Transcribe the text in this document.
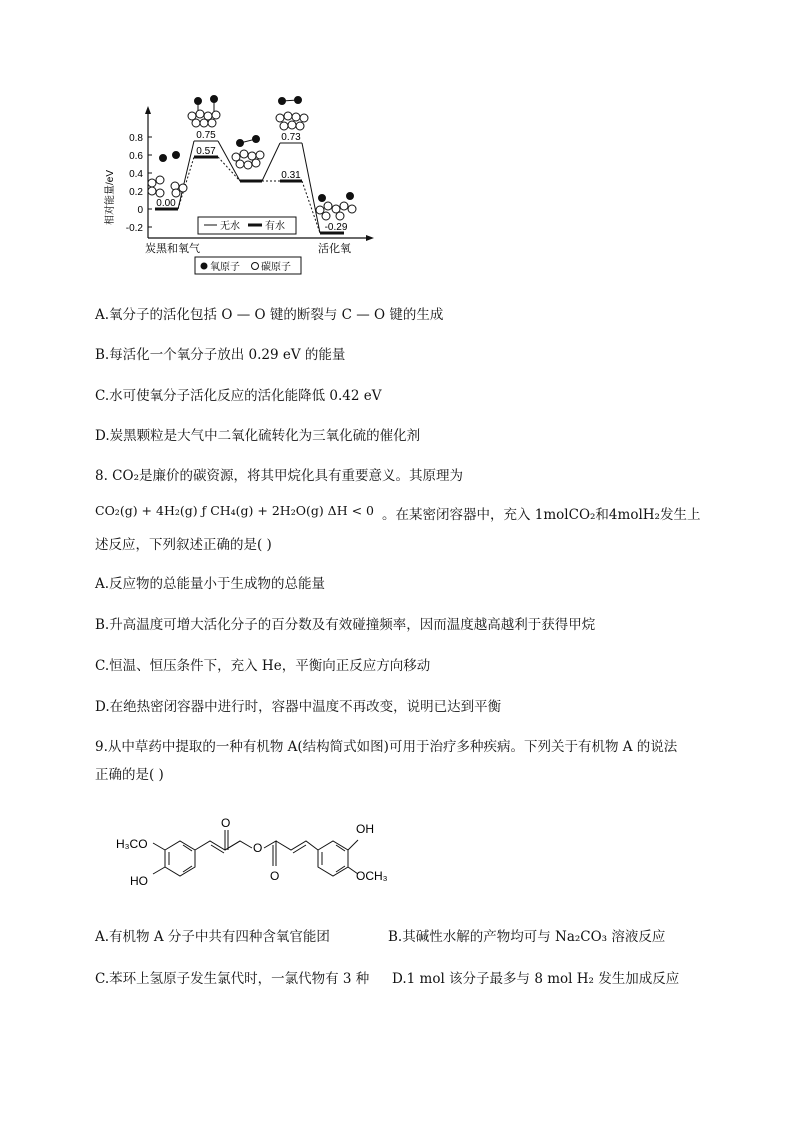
相对能量/eV
0.8
0.6
0.4
0.2
0
-0.2
0.00
0.75
0.57
0.73
0.31
-0.29
无水	有水
炭黑和氧气	活化氧
氧原子 碳原子
A.氧分子的活化包括 O — O 键的断裂与 C — O 键的生成
B.每活化一个氧分子放出 0.29 eV 的能量
C.水可使氧分子活化反应的活化能降低 0.42 eV
D.炭黑颗粒是大气中二氧化硫转化为三氧化硫的催化剂
8. CO₂是廉价的碳资源，将其甲烷化具有重要意义。其原理为
CO₂(g) + 4H₂(g) ƒ CH₄(g) + 2H₂O(g) ΔH < 0 。在某密闭容器中，充入 1molCO₂和4molH₂发生上
述反应，下列叙述正确的是( )
A.反应物的总能量小于生成物的总能量
B.升高温度可增大活化分子的百分数及有效碰撞频率，因而温度越高越利于获得甲烷
C.恒温、恒压条件下，充入 He，平衡向正反应方向移动
D.在绝热密闭容器中进行时，容器中温度不再改变，说明已达到平衡
9.从中草药中提取的一种有机物 A(结构简式如图)可用于治疗多种疾病。下列关于有机物 A 的说法
正确的是( )
H₃CO
HO
O
O
O
OH
OCH₃
A.有机物 A 分子中共有四种含氧官能团	B.其碱性水解的产物均可与 Na₂CO₃ 溶液反应
C.苯环上氢原子发生氯代时，一氯代物有 3 种 D.1 mol 该分子最多与 8 mol H₂ 发生加成反应
